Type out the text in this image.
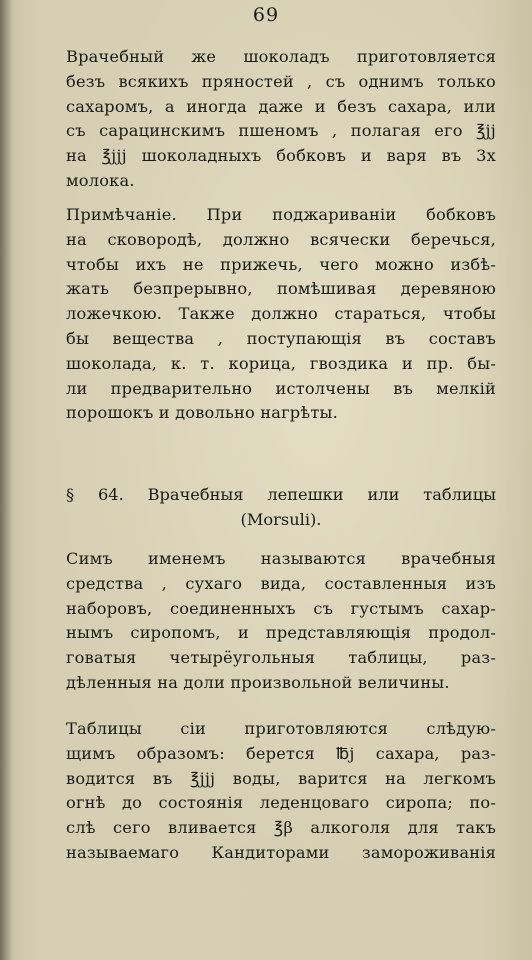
69
Врачебный же шоколадъ приготовляется
безъ всякихъ пряностей , съ однимъ только
сахаромъ, а иногда даже и безъ сахара, или
съ сарацинскимъ пшеномъ , полагая его ℥jj
на ℥jjj шоколадныхъ бобковъ и варя въ 3х
молока.
Примѣчаніе. При поджариваніи бобковъ
на сковородѣ, должно всячески беречься,
чтобы ихъ не прижечь, чего можно избѣ-
жать безпрерывно, помѣшивая деревяною
ложечкою. Также должно стараться, чтобы
бы вещества , поступающія въ составъ
шоколада, к. т. корица, гвоздика и пр. бы-
ли предварительно истолчены въ мелкій
порошокъ и довольно нагрѣты.
§ 64. Врачебныя лепешки или таблицы
(Morsuli).
Симъ именемъ называются врачебныя
средства , сухаго вида, составленныя изъ
наборовъ, соединенныхъ съ густымъ сахар-
нымъ сиропомъ, и представляющія продол-
говатыя четырёугольныя таблицы, раз-
дѣленныя на доли произвольной величины.
Таблицы сіи приготовляются слѣдую-
щимъ образомъ: берется ℔j сахара, раз-
водится въ ℥jjj воды, варится на легкомъ
огнѣ до состоянія леденцоваго сиропа; по-
слѣ сего вливается ℥β алкоголя для такъ
называемаго Кандиторами замороживанія
